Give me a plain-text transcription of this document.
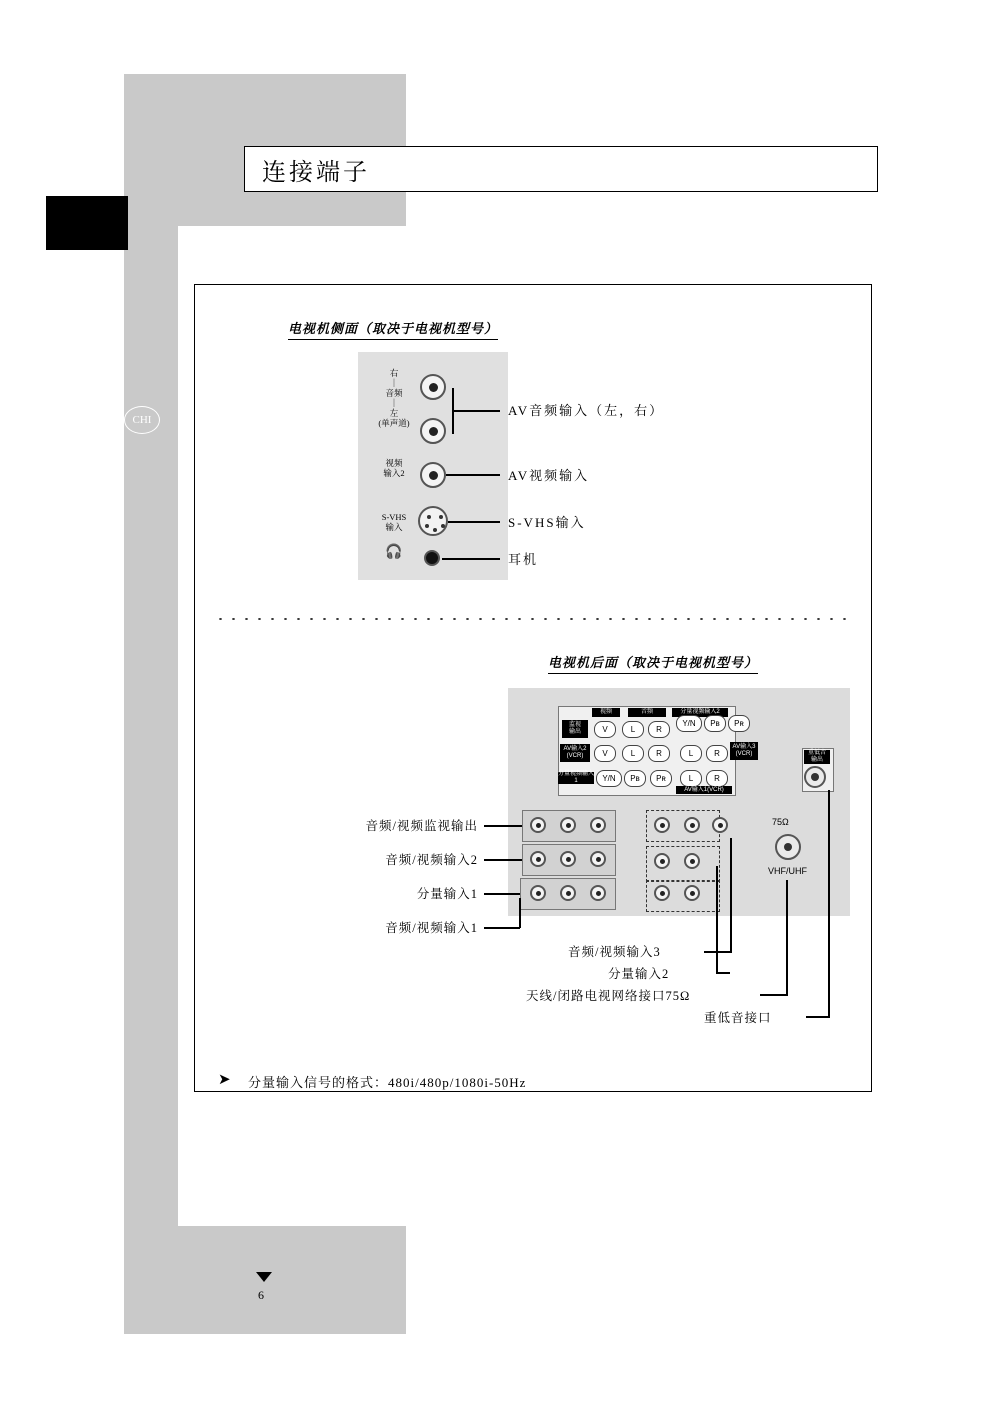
CHI
连接端子
电视机侧面（取决于电视机型号）
右
｜
音频
｜
左
(单声道)
视频
输入2
S-VHS
输入
🎧
AV音频输入（左，右）
AV视频输入
S-VHS输入
耳机
电视机后面（取决于电视机型号）
视频	音频	分量视频输入2
监视
输出	V	L	R
Y/N	Pʙ	Pʀ
AV输入2
(VCR)	V	L	R	L	R
AV输入3
(VCR)
分量视频输入1	Y/N	Pʙ	Pʀ	L	R
AV输入1(VCR)
重低音
输出
75Ω
VHF/UHF
音频/视频监视输出
音频/视频输入2
分量输入1
音频/视频输入1
音频/视频输入3
分量输入2
天线/闭路电视网络接口75Ω
重低音接口
➤ 分量输入信号的格式：480i/480p/1080i-50Hz
6
